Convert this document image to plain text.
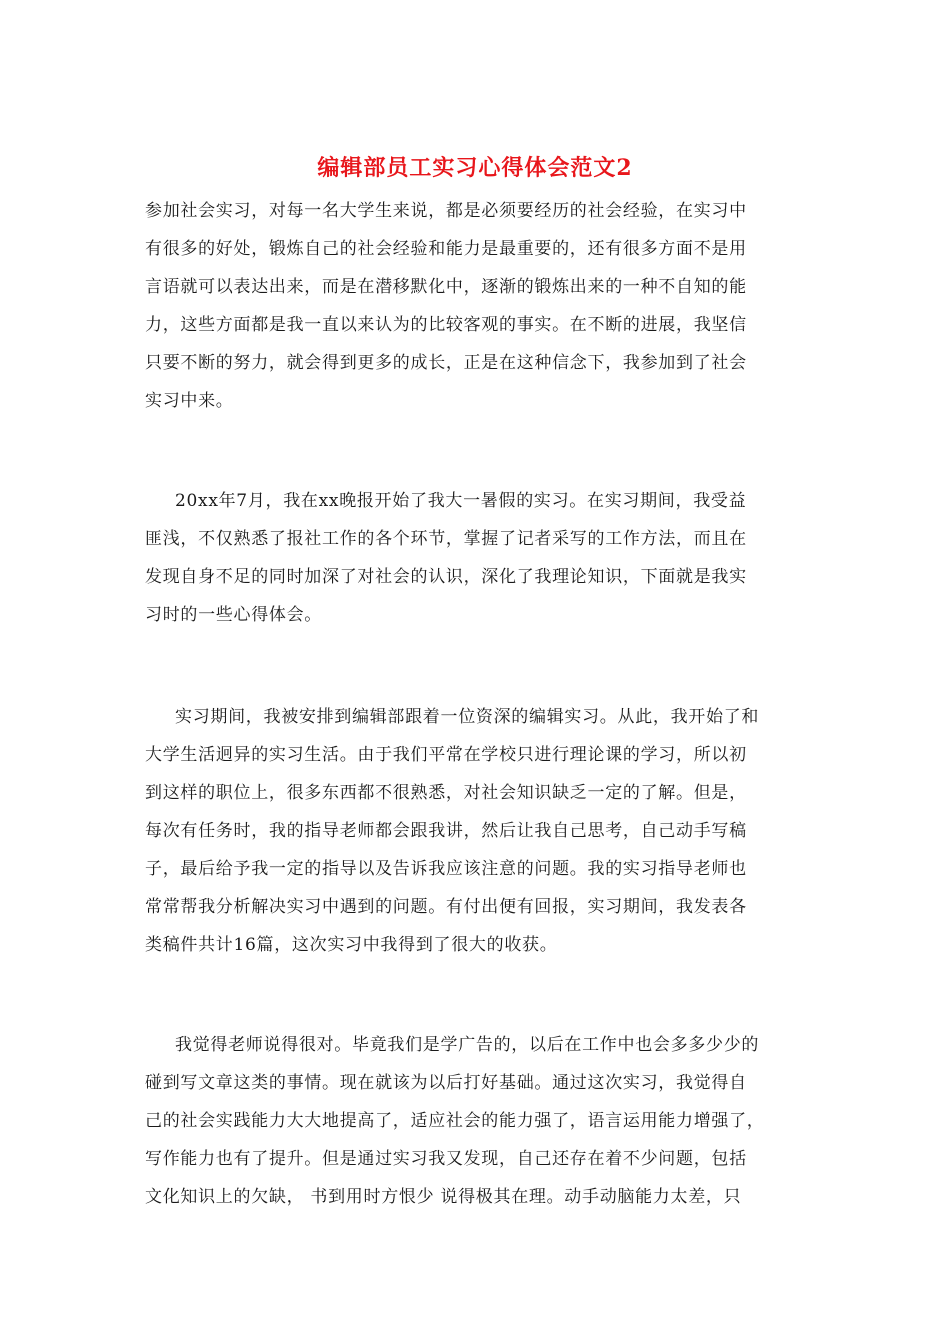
编辑部员工实习心得体会范文2

参加社会实习，对每一名大学生来说，都是必须要经历的社会经验，在实习中

有很多的好处，锻炼自己的社会经验和能力是最重要的，还有很多方面不是用

言语就可以表达出来，而是在潜移默化中，逐渐的锻炼出来的一种不自知的能

力，这些方面都是我一直以来认为的比较客观的事实。在不断的进展，我坚信

只要不断的努力，就会得到更多的成长，正是在这种信念下，我参加到了社会

实习中来。

20xx年7月，我在xx晚报开始了我大一暑假的实习。在实习期间，我受益

匪浅，不仅熟悉了报社工作的各个环节，掌握了记者采写的工作方法，而且在

发现自身不足的同时加深了对社会的认识，深化了我理论知识，下面就是我实

习时的一些心得体会。

实习期间，我被安排到编辑部跟着一位资深的编辑实习。从此，我开始了和

大学生活迥异的实习生活。由于我们平常在学校只进行理论课的学习，所以初

到这样的职位上，很多东西都不很熟悉，对社会知识缺乏一定的了解。但是，

每次有任务时，我的指导老师都会跟我讲，然后让我自己思考，自己动手写稿

子，最后给予我一定的指导以及告诉我应该注意的问题。我的实习指导老师也

常常帮我分析解决实习中遇到的问题。有付出便有回报，实习期间，我发表各

类稿件共计16篇，这次实习中我得到了很大的收获。

我觉得老师说得很对。毕竟我们是学广告的，以后在工作中也会多多少少的

碰到写文章这类的事情。现在就该为以后打好基础。通过这次实习，我觉得自

己的社会实践能力大大地提高了，适应社会的能力强了，语言运用能力增强了，

写作能力也有了提升。但是通过实习我又发现，自己还存在着不少问题，包括

文化知识上的欠缺， 书到用时方恨少 说得极其在理。动手动脑能力太差，只
